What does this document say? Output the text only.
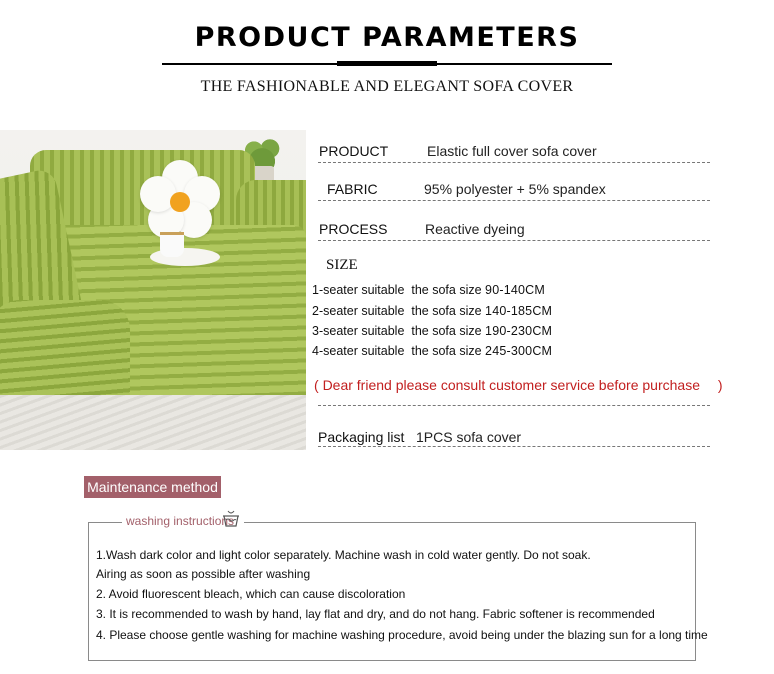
PRODUCT PARAMETERS
THE FASHIONABLE AND ELEGANT SOFA COVER
PRODUCT	Elastic full cover sofa cover
FABRIC	95% polyester + 5% spandex
PROCESS	Reactive dyeing
SIZE
1-seater suitable the sofa size 90-140CM
2-seater suitable the sofa size 140-185CM
3-seater suitable the sofa size 190-230CM
4-seater suitable the sofa size 245-300CM
( Dear friend please consult customer service before purchase )
Packaging list 1PCS sofa cover
Maintenance method
washing instructions
1.Wash dark color and light color separately. Machine wash in cold water gently. Do not soak.
Airing as soon as possible after washing
2. Avoid fluorescent bleach, which can cause discoloration
3. It is recommended to wash by hand, lay flat and dry, and do not hang. Fabric softener is recommended
4. Please choose gentle washing for machine washing procedure, avoid being under the blazing sun for a long time
